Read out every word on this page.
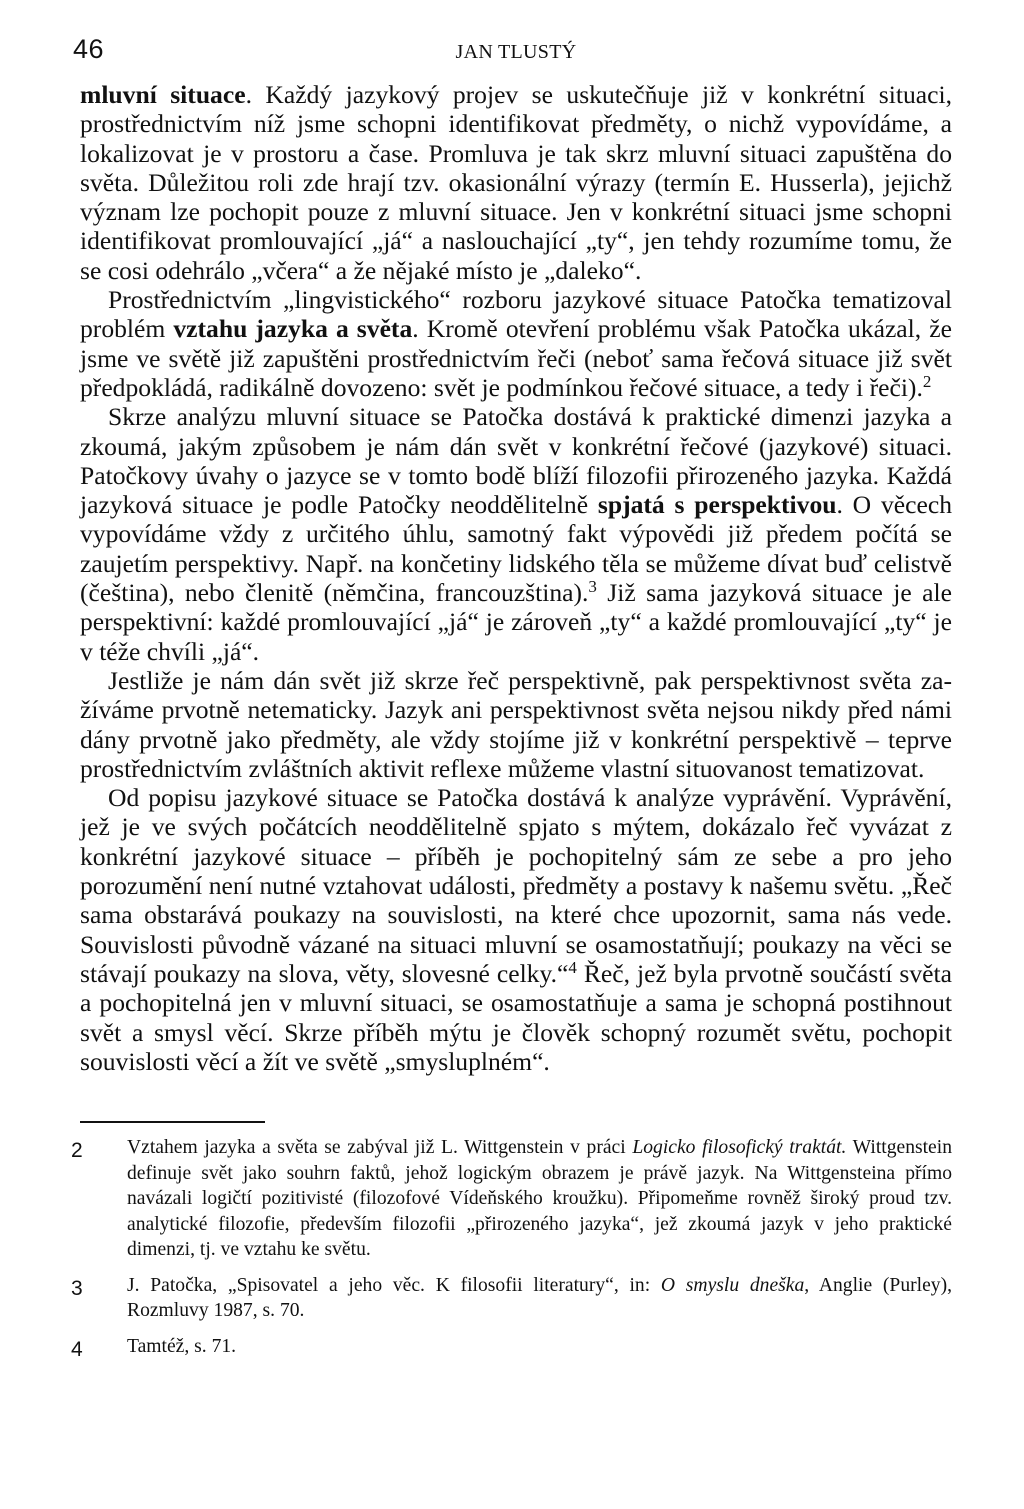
46	JAN TLUSTÝ

mluvní situace. Každý jazykový projev se uskutečňuje již v konkrétní situaci, prostřednictvím níž jsme schopni identifikovat předměty, o nichž vypovídáme, a lokalizovat je v prostoru a čase. Promluva je tak skrz mluvní situaci zapuštěna do světa. Důležitou roli zde hrají tzv. okasionální výrazy (termín E. Husserla), jejichž význam lze pochopit pouze z mluvní situace. Jen v konkrétní situaci jsme schopni identifikovat promlouvající „já“ a naslouchající „ty“, jen tehdy rozumíme tomu, že se cosi odehrálo „včera“ a že nějaké místo je „daleko“.

Prostřednictvím „lingvistického“ rozboru jazykové situace Patočka tematizoval problém vztahu jazyka a světa. Kromě otevření problému však Patočka ukázal, že jsme ve světě již zapuštěni prostřednictvím řeči (neboť sama řečová situace již svět předpokládá, radikálně dovozeno: svět je podmínkou řečové situace, a tedy i řeči).$^2$

Skrze analýzu mluvní situace se Patočka dostává k praktické dimenzi jazyka a zkoumá, jakým způsobem je nám dán svět v konkrétní řečové (jazykové) situaci. Patočkovy úvahy o jazyce se v tomto bodě blíží filozofii přirozeného jazyka. Každá jazyková situace je podle Patočky neoddělitelně spjatá s perspektivou. O věcech vypovídáme vždy z určitého úhlu, samotný fakt výpovědi již předem počítá se zaujetím perspektivy. Např. na končetiny lidského těla se můžeme dívat buď celistvě (čeština), nebo členitě (němčina, francouzština).$^3$ Již sama jazyková situace je ale perspektivní: každé promlouvající „já“ je zároveň „ty“ a každé promlouvající „ty“ je v téže chvíli „já“.

Jestliže je nám dán svět již skrze řeč perspektivně, pak perspektivnost světa zažíváme prvotně netematicky. Jazyk ani perspektivnost světa nejsou nikdy před námi dány prvotně jako předměty, ale vždy stojíme již v konkrétní perspektivě – teprve prostřednictvím zvláštních aktivit reflexe můžeme vlastní situovanost tematizovat.

Od popisu jazykové situace se Patočka dostává k analýze vyprávění. Vyprávění, jež je ve svých počátcích neoddělitelně spjato s mýtem, dokázalo řeč vyvázat z konkrétní jazykové situace – příběh je pochopitelný sám ze sebe a pro jeho porozumění není nutné vztahovat události, předměty a postavy k našemu světu. „Řeč sama obstarává poukazy na souvislosti, na které chce upozornit, sama nás vede. Souvislosti původně vázané na situaci mluvní se osamostatňují; poukazy na věci se stávají poukazy na slova, věty, slovesné celky.“$^4$ Řeč, jež byla prvotně součástí světa a pochopitelná jen v mluvní situaci, se osamostatňuje a sama je schopná postihnout svět a smysl věcí. Skrze příběh mýtu je člověk schopný rozumět světu, pochopit souvislosti věcí a žít ve světě „smysluplném“.

2 Vztahem jazyka a světa se zabýval již L. Wittgenstein v práci Logicko filosofický traktát. Wittgenstein definuje svět jako souhrn faktů, jehož logickým obrazem je právě jazyk. Na Wittgensteina přímo navázali logičtí pozitivisté (filozofové Vídeňského kroužku). Připomeňme rovněž široký proud tzv. analytické filozofie, především filozofii „přirozeného jazyka“, jež zkoumá jazyk v jeho praktické dimenzi, tj. ve vztahu ke světu.
3 J. Patočka, „Spisovatel a jeho věc. K filosofii literatury“, in: O smyslu dneška, Anglie (Purley), Rozmluvy 1987, s. 70.
4 Tamtéž, s. 71.
